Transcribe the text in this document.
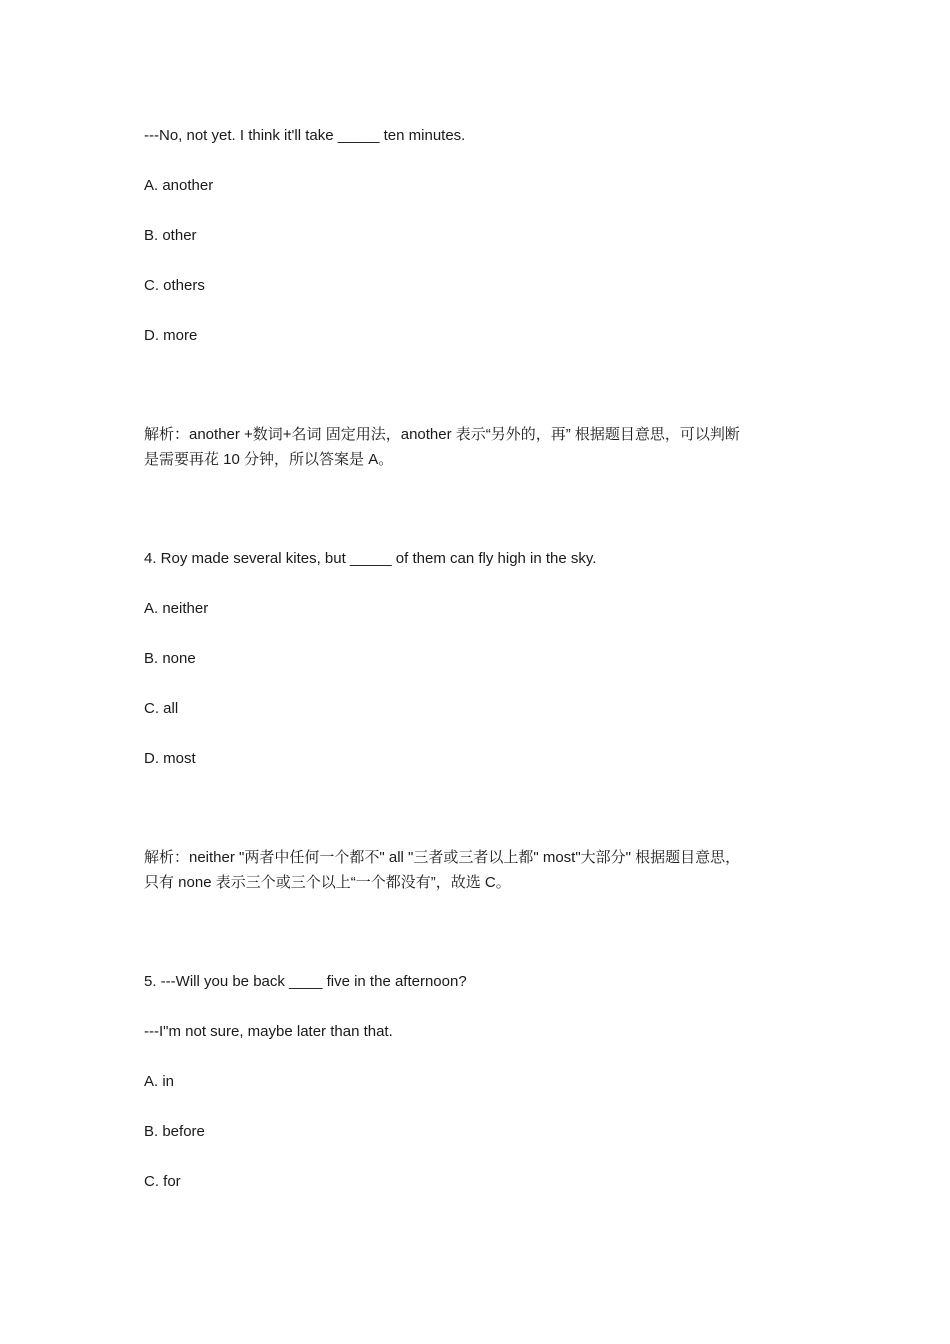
---No, not yet. I think it'll take _____ ten minutes.
A. another
B. other
C. others
D. more
解析：another +数词+名词 固定用法，another 表示“另外的，再” 根据题目意思，可以判断
是需要再花 10 分钟，所以答案是 A。
4. Roy made several kites, but _____ of them can fly high in the sky.
A. neither
B. none
C. all
D. most
解析：neither "两者中任何一个都不" all "三者或三者以上都" most"大部分" 根据题目意思，
只有 none 表示三个或三个以上“一个都没有”，故选 C。
5. ---Will you be back ____ five in the afternoon?
---I"m not sure, maybe later than that.
A. in
B. before
C. for
